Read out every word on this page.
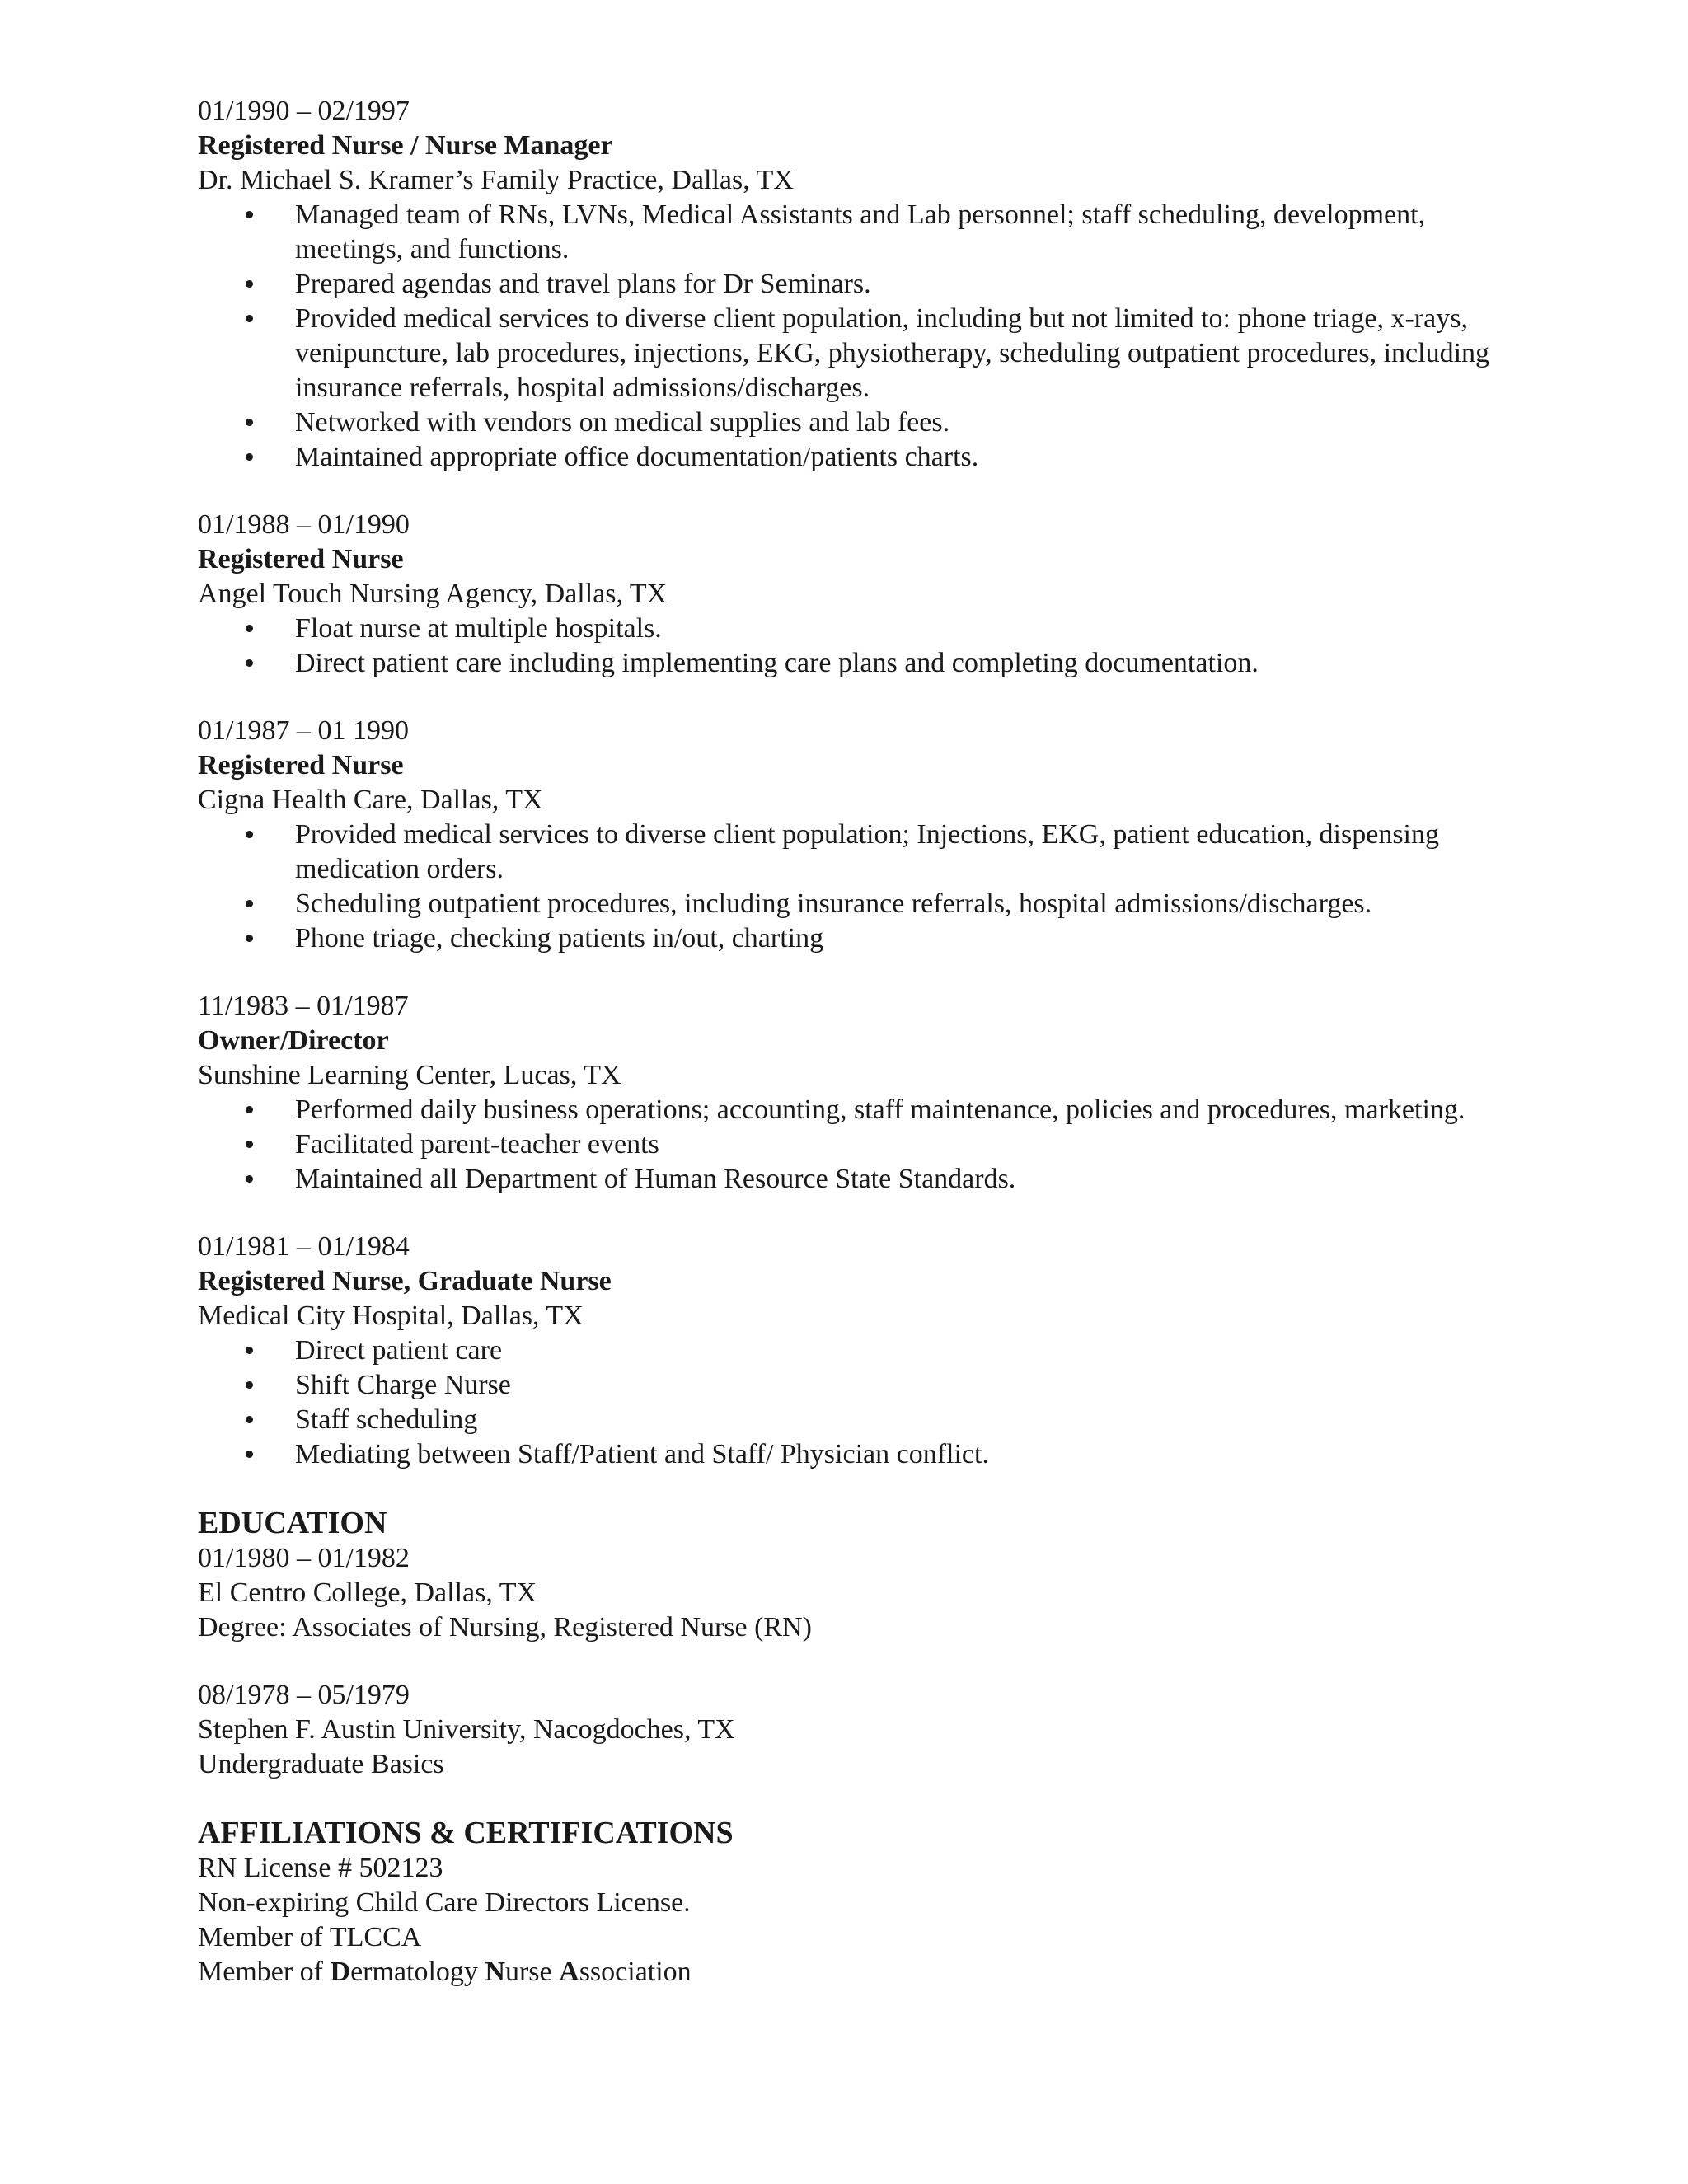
01/1990 – 02/1997
Registered Nurse / Nurse Manager
Dr. Michael S. Kramer’s Family Practice, Dallas, TX
Managed team of RNs, LVNs, Medical Assistants and Lab personnel; staff scheduling, development, meetings, and functions.
Prepared agendas and travel plans for Dr Seminars.
Provided medical services to diverse client population, including but not limited to: phone triage, x-rays, venipuncture, lab procedures, injections, EKG, physiotherapy, scheduling outpatient procedures, including insurance referrals, hospital admissions/discharges.
Networked with vendors on medical supplies and lab fees.
Maintained appropriate office documentation/patients charts.
01/1988 – 01/1990
Registered Nurse
Angel Touch Nursing Agency, Dallas, TX
Float nurse at multiple hospitals.
Direct patient care including implementing care plans and completing documentation.
01/1987 – 01 1990
Registered Nurse
Cigna Health Care, Dallas, TX
Provided medical services to diverse client population; Injections, EKG, patient education, dispensing medication orders.
Scheduling outpatient procedures, including insurance referrals, hospital admissions/discharges.
Phone triage, checking patients in/out, charting
11/1983 – 01/1987
Owner/Director
Sunshine Learning Center, Lucas, TX
Performed daily business operations; accounting, staff maintenance, policies and procedures, marketing.
Facilitated parent-teacher events
Maintained all Department of Human Resource State Standards.
01/1981 – 01/1984
Registered Nurse, Graduate Nurse
Medical City Hospital, Dallas, TX
Direct patient care
Shift Charge Nurse
Staff scheduling
Mediating between Staff/Patient and Staff/ Physician conflict.
EDUCATION
01/1980 – 01/1982
El Centro College, Dallas, TX
Degree: Associates of Nursing, Registered Nurse (RN)
08/1978 – 05/1979
Stephen F. Austin University, Nacogdoches, TX
Undergraduate Basics
AFFILIATIONS & CERTIFICATIONS
RN License # 502123
Non-expiring Child Care Directors License.
Member of TLCCA
Member of Dermatology Nurse Association
